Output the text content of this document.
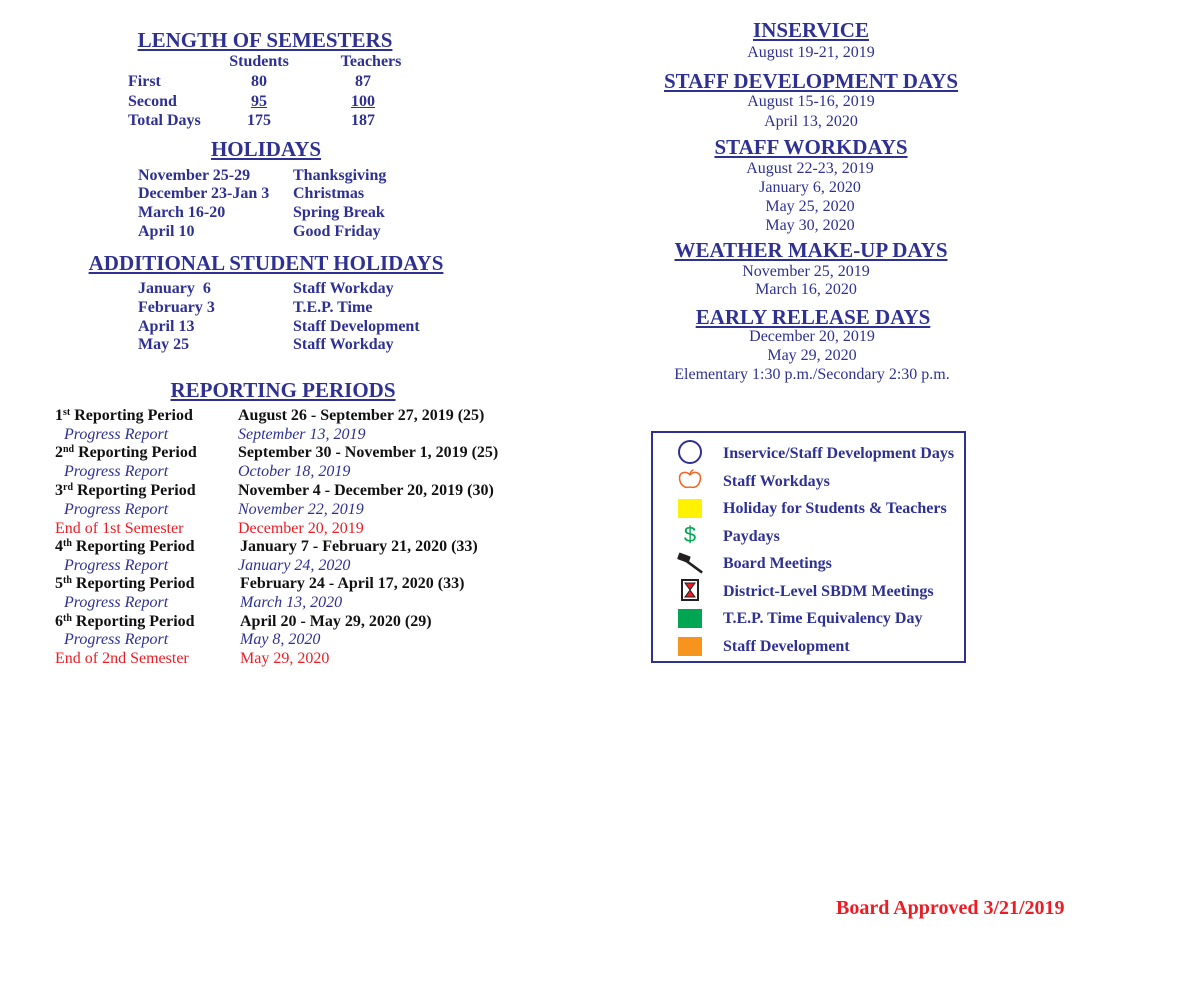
LENGTH OF SEMESTERS
Students	Teachers
First	80	87
Second	95	100
Total Days	175	187
HOLIDAYS
November 25-29	Thanksgiving
December 23-Jan 3 Christmas
March 16-20	Spring Break
April 10	Good Friday
ADDITIONAL STUDENT HOLIDAYS
January  6	Staff Workday
February 3	T.E.P. Time
April 13	Staff Development
May 25	Staff Workday
REPORTING PERIODS
1st Reporting Period	August 26 - September 27, 2019 (25)
Progress Report	September 13, 2019
2nd Reporting Period	September 30 - November 1, 2019 (25)
Progress Report	October 18, 2019
3rd Reporting Period	November 4 - December 20, 2019 (30)
Progress Report	November 22, 2019
End of 1st Semester	December 20, 2019
4th Reporting Period	January 7 - February 21, 2020 (33)
Progress Report	January 24, 2020
5th Reporting Period	February 24 - April 17, 2020 (33)
Progress Report	March 13, 2020
6th Reporting Period	April 20 - May 29, 2020 (29)
Progress Report	May 8, 2020
End of 2nd Semester	May 29, 2020
INSERVICE
August 19-21, 2019
STAFF DEVELOPMENT DAYS
August 15-16, 2019
April 13, 2020
STAFF WORKDAYS
August 22-23, 2019
January 6, 2020
May 25, 2020
May 30, 2020
WEATHER MAKE-UP DAYS
November 25, 2019
March 16, 2020
EARLY RELEASE DAYS
December 20, 2019
May 29, 2020
Elementary 1:30 p.m./Secondary 2:30 p.m.
Inservice/Staff Development Days
Staff Workdays
Holiday for Students & Teachers
$	Paydays
Board Meetings
District-Level SBDM Meetings
T.E.P. Time Equivalency Day
Staff Development
Board Approved 3/21/2019
